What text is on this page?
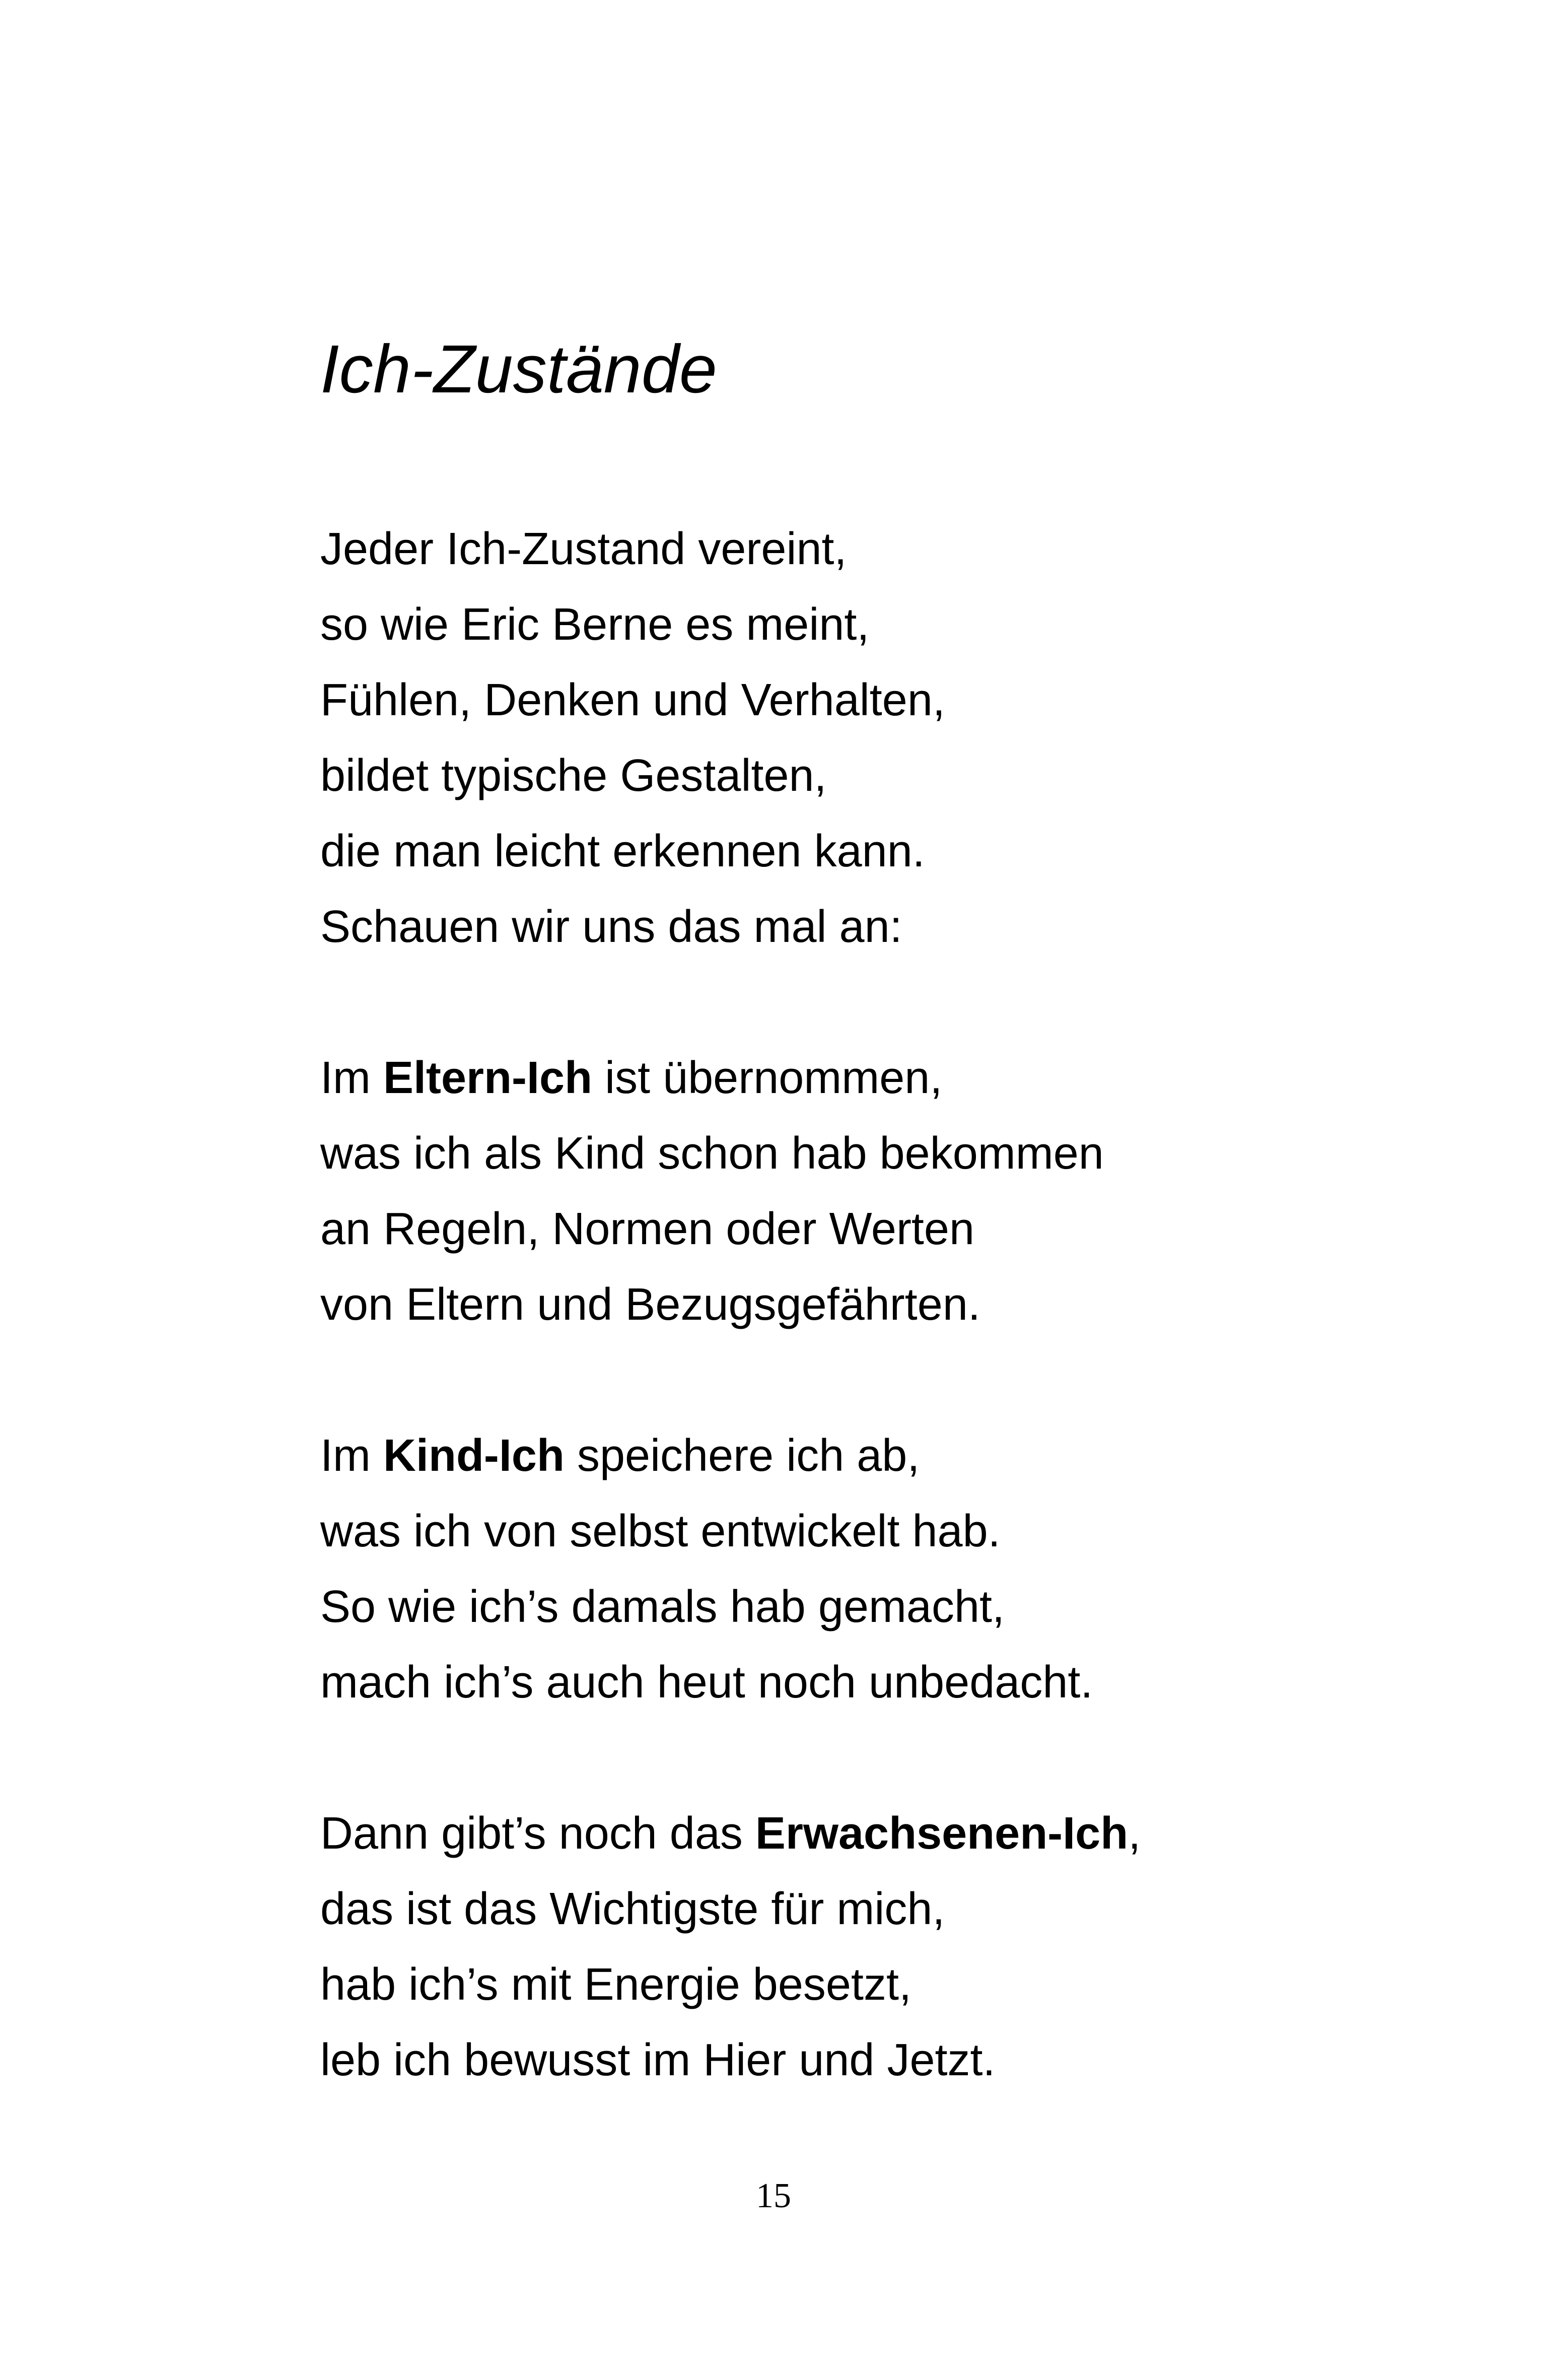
Ich-Zustände
Jeder Ich-Zustand vereint,
so wie Eric Berne es meint,
Fühlen, Denken und Verhalten,
bildet typische Gestalten,
die man leicht erkennen kann.
Schauen wir uns das mal an:
Im Eltern-Ich ist übernommen,
was ich als Kind schon hab bekommen
an Regeln, Normen oder Werten
von Eltern und Bezugsgefährten.
Im Kind-Ich speichere ich ab,
was ich von selbst entwickelt hab.
So wie ich’s damals hab gemacht,
mach ich’s auch heut noch unbedacht.
Dann gibt’s noch das Erwachsenen-Ich,
das ist das Wichtigste für mich,
hab ich’s mit Energie besetzt,
leb ich bewusst im Hier und Jetzt.
15
